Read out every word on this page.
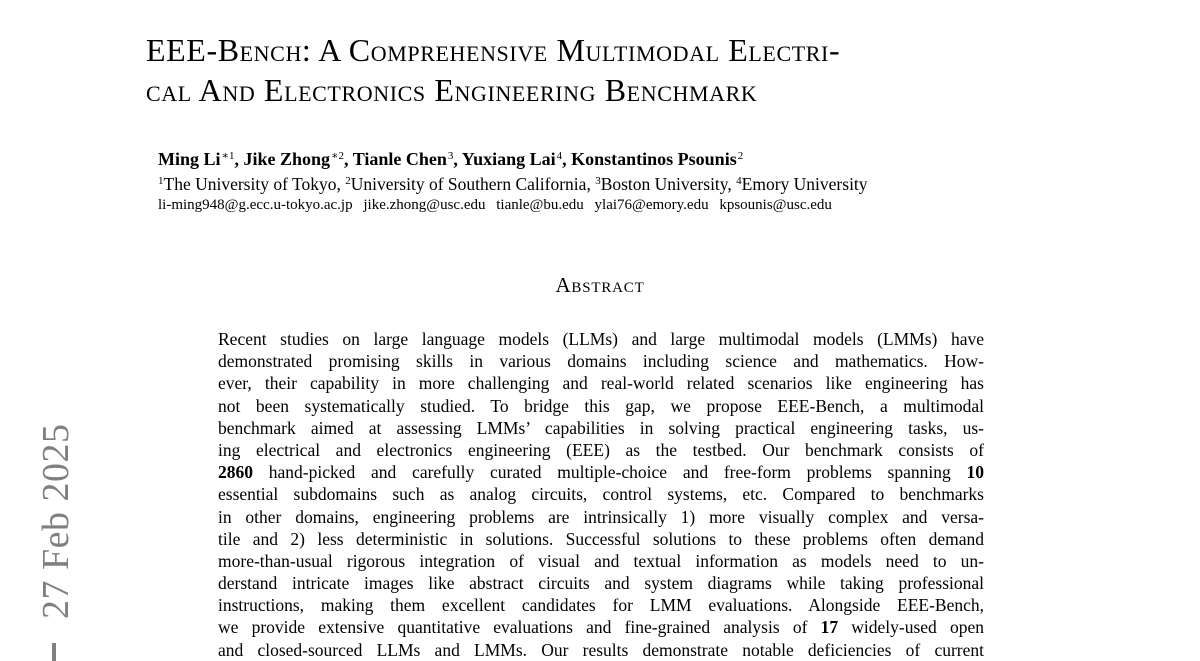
EEE-Bench: A Comprehensive Multimodal Electri-
cal And Electronics Engineering Benchmark
Ming $Li^{∗1}$, Jike Zhong$^{∗2}$, Tianle Chen$^3$, Yuxiang Lai$^4$, Konstantinos Psounis$^2$
$^1$The University of Tokyo, $^2$University of Southern California, $^3$Boston University, $^4$Emory University
li-ming948@g.ecc.u-tokyo.ac.jp jike.zhong@usc.edu tianle@bu.edu ylai76@emory.edu kpsounis@usc.edu
Abstract
Recent studies on large language models (LLMs) and large multimodal models (LMMs) have
demonstrated promising skills in various domains including science and mathematics. How-
ever, their capability in more challenging and real-world related scenarios like engineering has
not been systematically studied. To bridge this gap, we propose EEE-Bench, a multimodal
benchmark aimed at assessing LMMs’ capabilities in solving practical engineering tasks, us-
ing electrical and electronics engineering (EEE) as the testbed. Our benchmark consists of
2860 hand-picked and carefully curated multiple-choice and free-form problems spanning 10
essential subdomains such as analog circuits, control systems, etc. Compared to benchmarks
in other domains, engineering problems are intrinsically 1) more visually complex and versa-
tile and 2) less deterministic in solutions. Successful solutions to these problems often demand
more-than-usual rigorous integration of visual and textual information as models need to un-
derstand intricate images like abstract circuits and system diagrams while taking professional
instructions, making them excellent candidates for LMM evaluations. Alongside EEE-Bench,
we provide extensive quantitative evaluations and fine-grained analysis of 17 widely-used open
and closed-sourced LLMs and LMMs. Our results demonstrate notable deficiencies of current
27 Feb 2025
